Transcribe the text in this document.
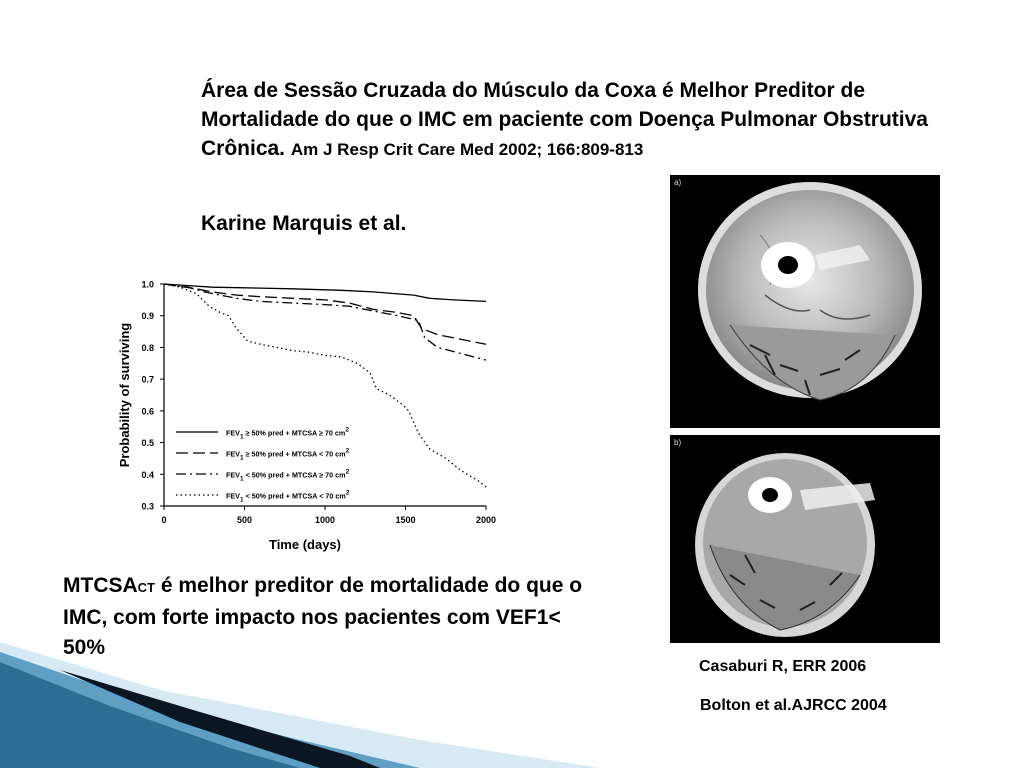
Área de Sessão Cruzada do Músculo da Coxa é Melhor Preditor de Mortalidade do que o IMC em paciente com Doença Pulmonar Obstrutiva Crônica. Am J Resp Crit Care Med 2002; 166:809-813
Karine Marquis et al.
0.3
0.4
0.5
0.6
0.7
0.8
0.9
1.0
0	500	1000	1500	2000
Time (days)
Probability of surviving	FEV1 ≥ 50% pred + MTCSA ≥ 70 cm2
FEV1 ≥ 50% pred + MTCSA < 70 cm2
FEV1 < 50% pred + MTCSA ≥ 70 cm2
FEV1 < 50% pred + MTCSA < 70 cm2
a)
b)
MTCSACT é melhor preditor de mortalidade do que o IMC, com forte impacto nos pacientes com VEF1< 50%
Casaburi R, ERR 2006
Bolton et al.AJRCC 2004
